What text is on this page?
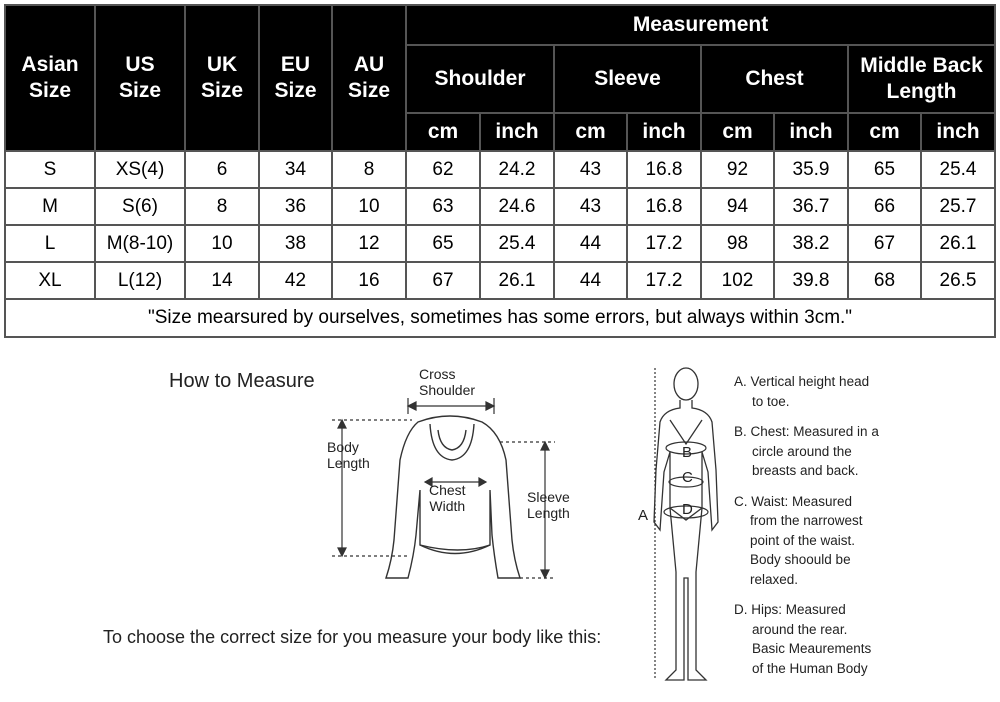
Asian Size	US Size	UK Size	EU Size	AU Size	Measurement							
					Shoulder		Sleeve		Chest		Middle Back Length	
					cm	inch	cm	inch	cm	inch	cm	inch
S	XS(4)	6	34	8	62	24.2	43	16.8	92	35.9	65	25.4
M	S(6)	8	36	10	63	24.6	43	16.8	94	36.7	66	25.7
L	M(8-10)	10	38	12	65	25.4	44	17.2	98	38.2	67	26.1
XL	L(12)	14	42	16	67	26.1	44	17.2	102	39.8	68	26.5
"Size mearsured by ourselves, sometimes has some errors, but always within 3cm."												
How to Measure
To choose the correct size for you measure your body like this:
Cross
Shoulder
Body
Length
Chest
Width
Sleeve
Length	A
B
C
D
A. Vertical height head
to toe.
B. Chest: Measured in a
circle around the
breasts and back.
C. Waist: Measured
from the narrowest
point of the waist.
Body shoould be
relaxed.
D. Hips: Measured
around the rear.
Basic Meaurements
of the Human Body
